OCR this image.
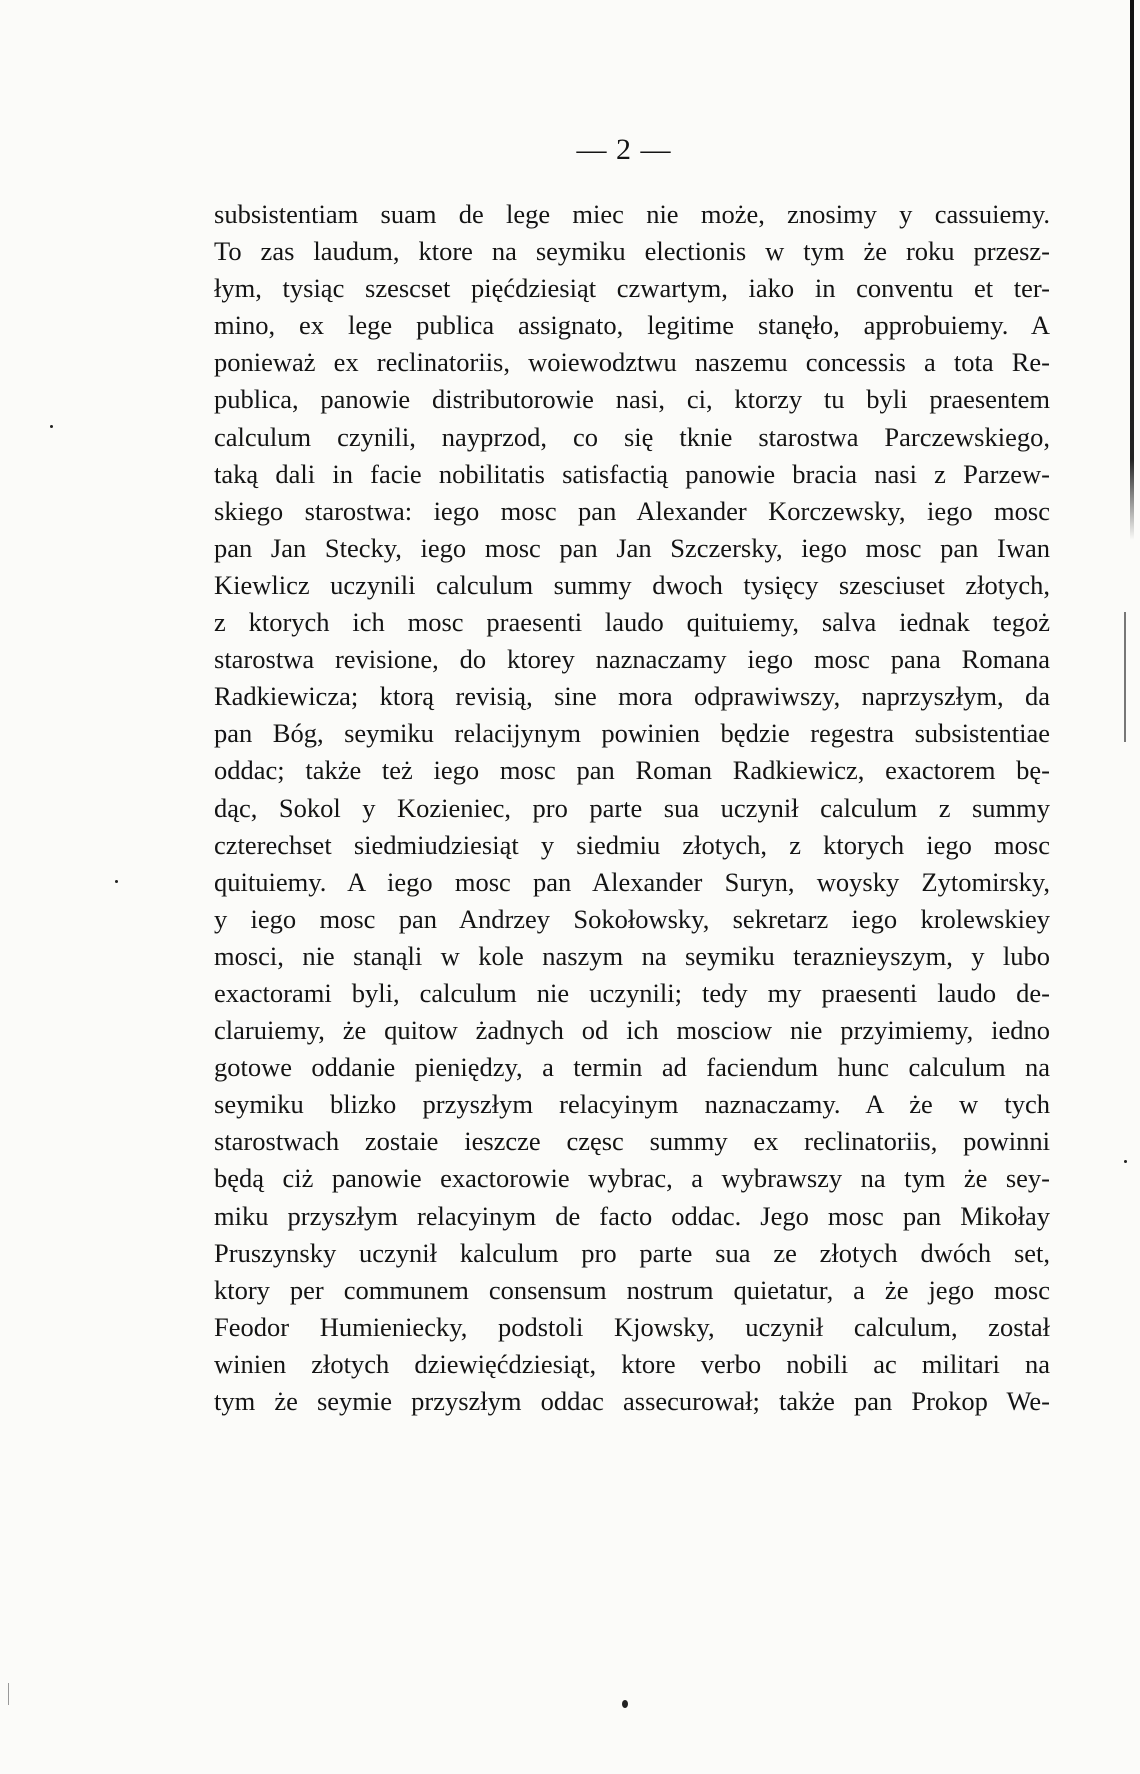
— 2 —
subsistentiam suam de lege miec nie może, znosimy y cassuiemy.
To zas laudum, ktore na seymiku electionis w tym że roku przesz-
łym, tysiąc szescset pięćdziesiąt czwartym, iako in conventu et ter-
mino, ex lege publica assignato, legitime stanęło, approbuiemy. A
ponieważ ex reclinatoriis, woiewodztwu naszemu concessis a tota Re-
publica, panowie distributorowie nasi, ci, ktorzy tu byli praesentem
calculum czynili, nayprzod, co się tknie starostwa Parczewskiego,
taką dali in facie nobilitatis satisfactią panowie bracia nasi z Parzew-
skiego starostwa: iego mosc pan Alexander Korczewsky, iego mosc
pan Jan Stecky, iego mosc pan Jan Szczersky, iego mosc pan Iwan
Kiewlicz uczynili calculum summy dwoch tysięcy szesciuset złotych,
z ktorych ich mosc praesenti laudo quituiemy, salva iednak tegoż
starostwa revisione, do ktorey naznaczamy iego mosc pana Romana
Radkiewicza; ktorą revisią, sine mora odprawiwszy, naprzyszłym, da
pan Bóg, seymiku relacijynym powinien będzie regestra subsistentiae
oddac; także też iego mosc pan Roman Radkiewicz, exactorem bę-
dąc, Sokol y Kozieniec, pro parte sua uczynił calculum z summy
czterechset siedmiudziesiąt y siedmiu złotych, z ktorych iego mosc
quituiemy. A iego mosc pan Alexander Suryn, woysky Zytomirsky,
y iego mosc pan Andrzey Sokołowsky, sekretarz iego krolewskiey
mosci, nie stanąli w kole naszym na seymiku teraznieyszym, y lubo
exactorami byli, calculum nie uczynili; tedy my praesenti laudo de-
claruiemy, że quitow żadnych od ich mosciow nie przyimiemy, iedno
gotowe oddanie pieniędzy, a termin ad faciendum hunc calculum na
seymiku blizko przyszłym relacyinym naznaczamy. A że w tych
starostwach zostaie ieszcze częsc summy ex reclinatoriis, powinni
będą ciż panowie exactorowie wybrac, a wybrawszy na tym że sey-
miku przyszłym relacyinym de facto oddac. Jego mosc pan Mikołay
Pruszynsky uczynił kalculum pro parte sua ze złotych dwóch set,
ktory per communem consensum nostrum quietatur, a że jego mosc
Feodor Humieniecky, podstoli Kjowsky, uczynił calculum, został
winien złotych dziewięćdziesiąt, ktore verbo nobili ac militari na
tym że seymie przyszłym oddac assecurował; także pan Prokop We-
